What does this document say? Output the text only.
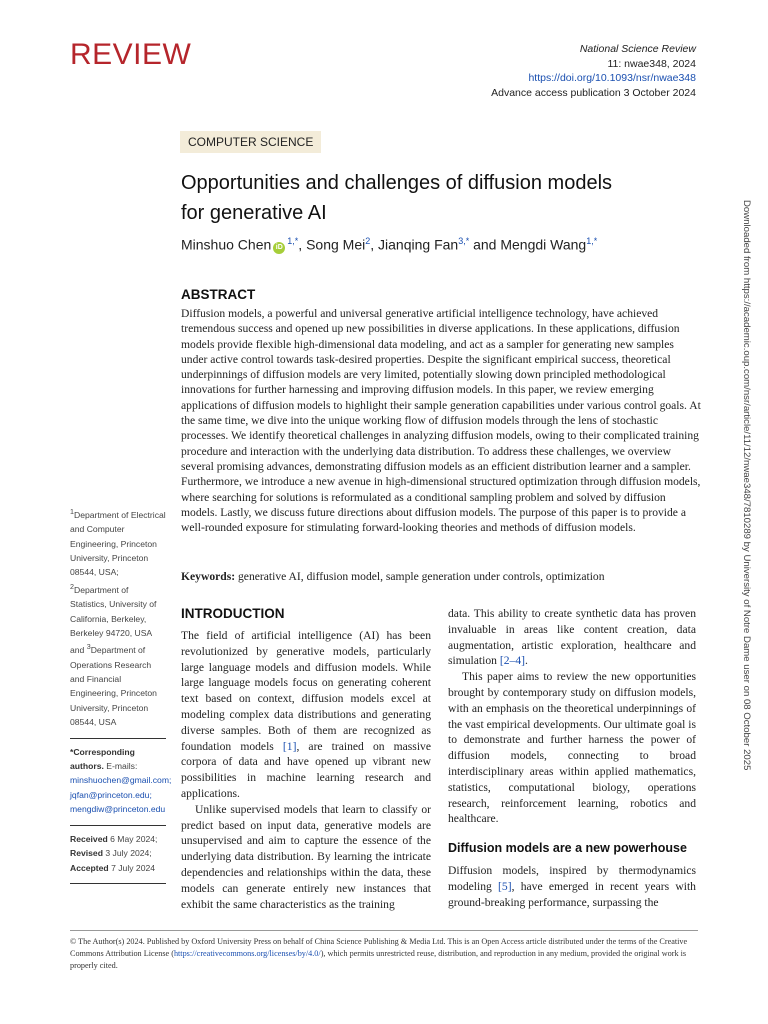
REVIEW	National Science Review
11: nwae348, 2024
https://doi.org/10.1093/nsr/nwae348
Advance access publication 3 October 2024
COMPUTER SCIENCE
Opportunities and challenges of diffusion models
for generative AI
Minshuo Chen $iD^{1,*}$, Song Mei$^2$, Jianqing Fan$^{3,*}$ and Mengdi Wang$^{1,*}$
ABSTRACT
Diffusion models, a powerful and universal generative artificial intelligence technology, have achieved tremendous success and opened up new possibilities in diverse applications. In these applications, diffusion models provide flexible high-dimensional data modeling, and act as a sampler for generating new samples under active control towards task-desired properties. Despite the significant empirical success, theoretical underpinnings of diffusion models are very limited, potentially slowing down principled methodological innovations for further harnessing and improving diffusion models. In this paper, we review emerging applications of diffusion models to highlight their sample generation capabilities under various control goals. At the same time, we dive into the unique working flow of diffusion models through the lens of stochastic processes. We identify theoretical challenges in analyzing diffusion models, owing to their complicated training procedure and interaction with the underlying data distribution. To address these challenges, we overview several promising advances, demonstrating diffusion models as an efficient distribution learner and a sampler. Furthermore, we introduce a new avenue in high-dimensional structured optimization through diffusion models, where searching for solutions is reformulated as a conditional sampling problem and solved by diffusion models. Lastly, we discuss future directions about diffusion models. The purpose of this paper is to provide a well-rounded exposure for stimulating forward-looking theories and methods of diffusion models.
Keywords: generative AI, diffusion model, sample generation under controls, optimization
$^1$Department of Electrical and Computer Engineering, Princeton University, Princeton 08544, USA; $^2$Department of Statistics, University of California, Berkeley, Berkeley 94720, USA and $^3$Department of Operations Research and Financial Engineering, Princeton University, Princeton 08544, USA
*Corresponding authors. E-mails:
minshuochen@gmail.com;
jqfan@princeton.edu;
mengdiw@princeton.edu
Received 6 May 2024; Revised 3 July 2024; Accepted 7 July 2024
INTRODUCTION

The field of artificial intelligence (AI) has been revolutionized by generative models, particularly large language models and diffusion models. While large language models focus on generating coherent text based on context, diffusion models excel at modeling complex data distributions and generating diverse samples. Both of them are recognized as foundation models [1], are trained on massive corpora of data and have opened up vibrant new possibilities in machine learning research and applications.

Unlike supervised models that learn to classify or predict based on input data, generative models are unsupervised and aim to capture the essence of the underlying data distribution. By learning the intricate dependencies and relationships within the data, these models can generate entirely new instances that exhibit the same characteristics as the training

data. This ability to create synthetic data has proven invaluable in areas like content creation, data augmentation, artistic exploration, healthcare and simulation [2–4].

This paper aims to review the new opportunities brought by contemporary study on diffusion models, with an emphasis on the theoretical underpinnings of the vast empirical developments. Our ultimate goal is to demonstrate and further harness the power of diffusion models, connecting to broad interdisciplinary areas within applied mathematics, statistics, computational biology, operations research, reinforcement learning, robotics and healthcare.

Diffusion models are a new powerhouse

Diffusion models, inspired by thermodynamics modeling [5], have emerged in recent years with ground-breaking performance, surpassing the

© The Author(s) 2024. Published by Oxford University Press on behalf of China Science Publishing & Media Ltd. This is an Open Access article distributed under the terms of the Creative Commons Attribution License (https://creativecommons.org/licenses/by/4.0/), which permits unrestricted reuse, distribution, and reproduction in any medium, provided the original work is properly cited.
Downloaded from https://academic.oup.com/nsr/article/11/12/nwae348/7810289 by University of Notre Dame user on 08 October 2025
